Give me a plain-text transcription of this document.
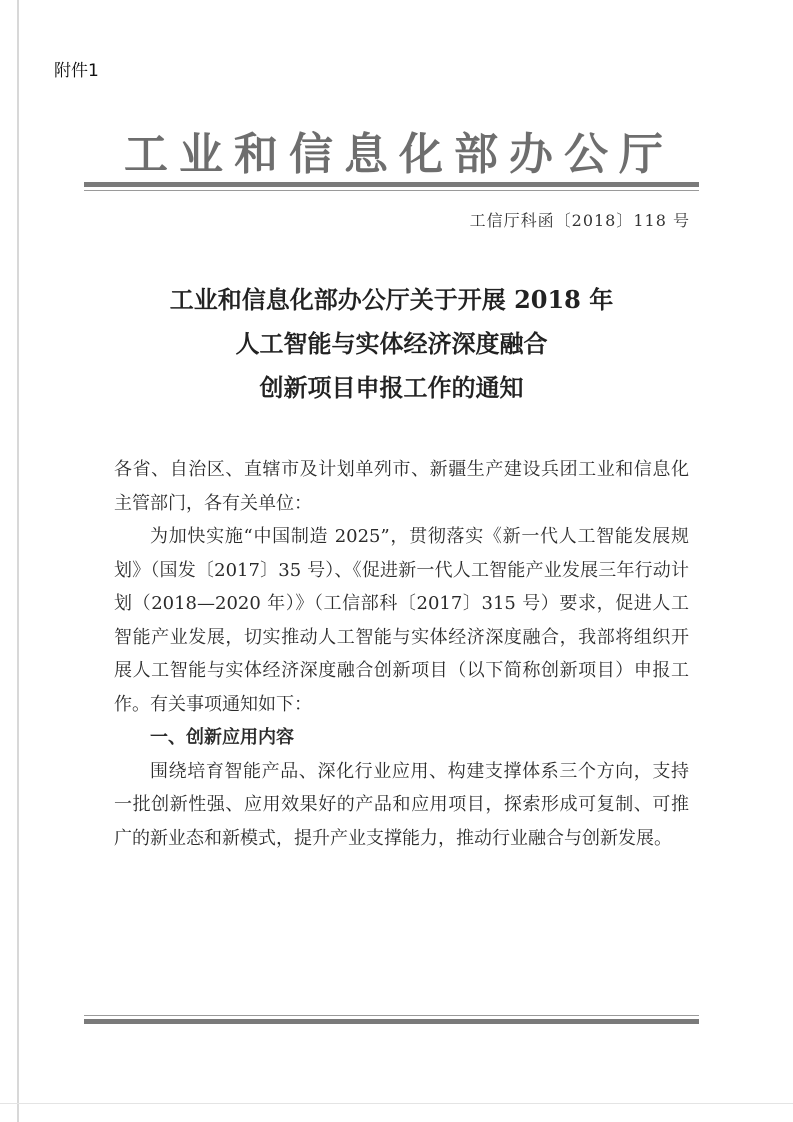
附件1
工业和信息化部办公厅
工信厅科函〔2018〕118 号
工业和信息化部办公厅关于开展 2018 年
人工智能与实体经济深度融合
创新项目申报工作的通知

各省、自治区、直辖市及计划单列市、新疆生产建设兵团工业和信息化主管部门，各有关单位：

为加快实施“中国制造 2025”，贯彻落实《新一代人工智能发展规划》（国发〔2017〕35 号）、《促进新一代人工智能产业发展三年行动计划（2018—2020 年）》（工信部科〔2017〕315 号）要求，促进人工智能产业发展，切实推动人工智能与实体经济深度融合，我部将组织开展人工智能与实体经济深度融合创新项目（以下简称创新项目）申报工作。有关事项通知如下：

一、创新应用内容

围绕培育智能产品、深化行业应用、构建支撑体系三个方向，支持一批创新性强、应用效果好的产品和应用项目，探索形成可复制、可推广的新业态和新模式，提升产业支撑能力，推动行业融合与创新发展。
